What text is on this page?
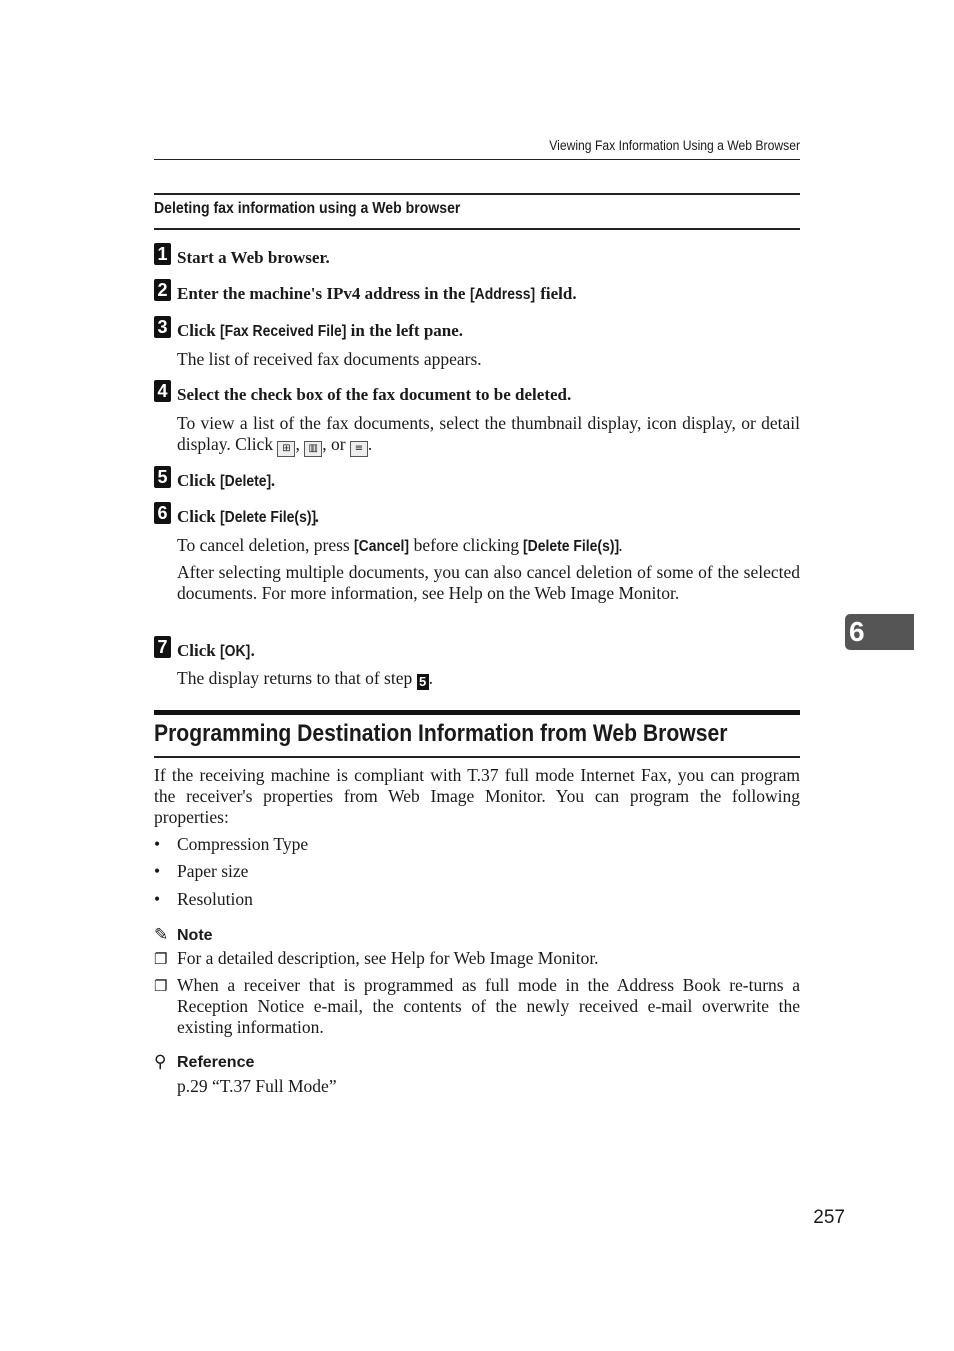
Viewing Fax Information Using a Web Browser
Deleting fax information using a Web browser
1 Start a Web browser.
2 Enter the machine's IPv4 address in the [Address] field.
3 Click [Fax Received File] in the left pane.
The list of received fax documents appears.
4 Select the check box of the fax document to be deleted.
To view a list of the fax documents, select the thumbnail display, icon display, or detail display. Click ⊞ , ▥ , or ≡ .
5 Click [Delete].
6 Click [Delete File(s)].
To cancel deletion, press [Cancel] before clicking [Delete File(s)].
After selecting multiple documents, you can also cancel deletion of some of the selected documents. For more information, see Help on the Web Image Monitor.
7 Click [OK].
The display returns to that of step 5 .
Programming Destination Information from Web Browser
If the receiving machine is compliant with T.37 full mode Internet Fax, you can program the receiver's properties from Web Image Monitor. You can program the following properties:
• Compression Type
• Paper size
• Resolution
✎ Note
❐ For a detailed description, see Help for Web Image Monitor.
❐ When a receiver that is programmed as full mode in the Address Book re-turns a Reception Notice e-mail, the contents of the newly received e-mail overwrite the existing information.
⚲ Reference
p.29 “T.37 Full Mode”
6
257
